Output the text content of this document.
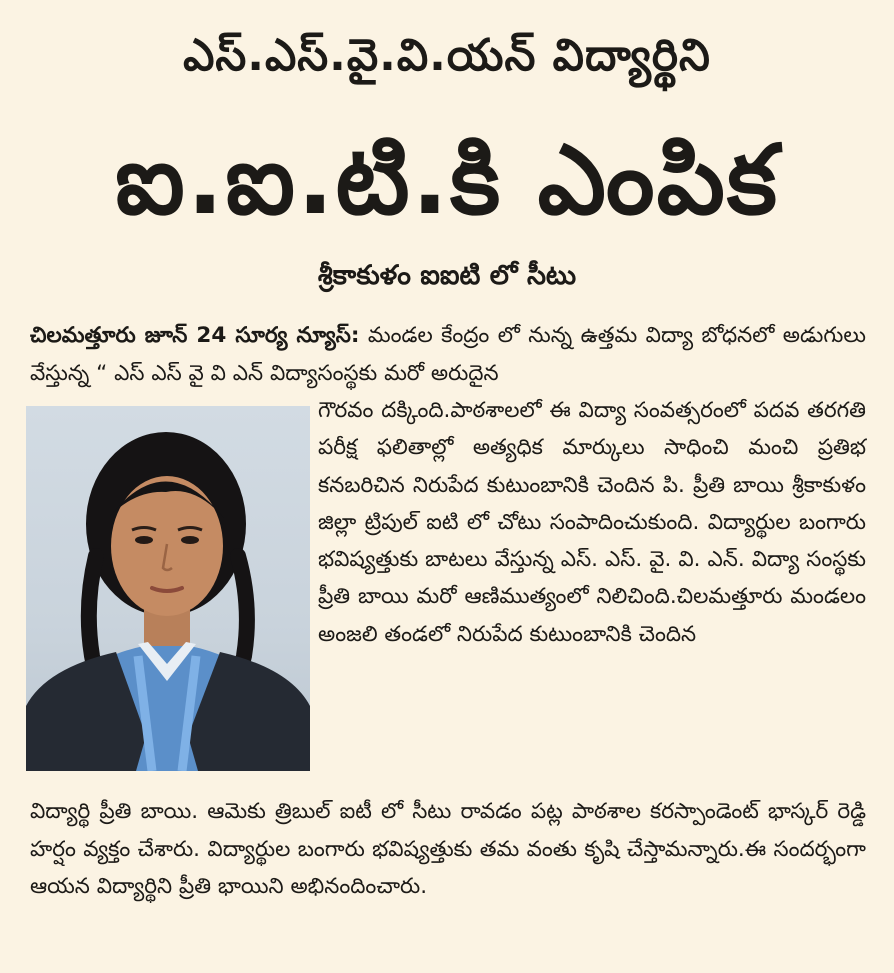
ఎస్.ఎస్.వై.వి.యన్ విద్యార్థిని
ఐ.ఐ.టి.కి ఎంపిక
శ్రీకాకుళం ఐఐటి లో సీటు

చిలమత్తూరు జూన్ 24 సూర్య న్యూస్: మండల కేంద్రం లో నున్న ఉత్తమ విద్యా బోధనలో అడుగులు వేస్తున్న “ ఎస్ ఎస్ వై వి ఎన్ విద్యాసంస్థకు మరో అరుదైన

గౌరవం దక్కింది.పాఠశాలలో ఈ విద్యా సంవత్సరంలో పదవ తరగతి పరీక్ష ఫలితాల్లో అత్యధిక మార్కులు సాధించి మంచి ప్రతిభ కనబరిచిన నిరుపేద కుటుంబానికి చెందిన పి. ప్రీతి బాయి శ్రీకాకుళం జిల్లా ట్రిపుల్ ఐటి లో చోటు సంపాదించుకుంది. విద్యార్థుల బంగారు భవిష్యత్తుకు బాటలు వేస్తున్న ఎస్. ఎస్. వై. వి. ఎన్. విద్యా సంస్థకు ప్రీతి బాయి మరో ఆణిముత్యంలో నిలిచింది.చిలమత్తూరు మండలం అంజలి తండలో నిరుపేద కుటుంబానికి చెందిన

విద్యార్థి ప్రీతి బాయి. ఆమెకు త్రిబుల్ ఐటీ లో సీటు రావడం పట్ల పాఠశాల కరస్పాండెంట్ భాస్కర్ రెడ్డి హర్షం వ్యక్తం చేశారు. విద్యార్థుల బంగారు భవిష్యత్తుకు తమ వంతు కృషి చేస్తామన్నారు.ఈ సందర్భంగా ఆయన విద్యార్థిని ప్రీతి భాయిని అభినందించారు.
